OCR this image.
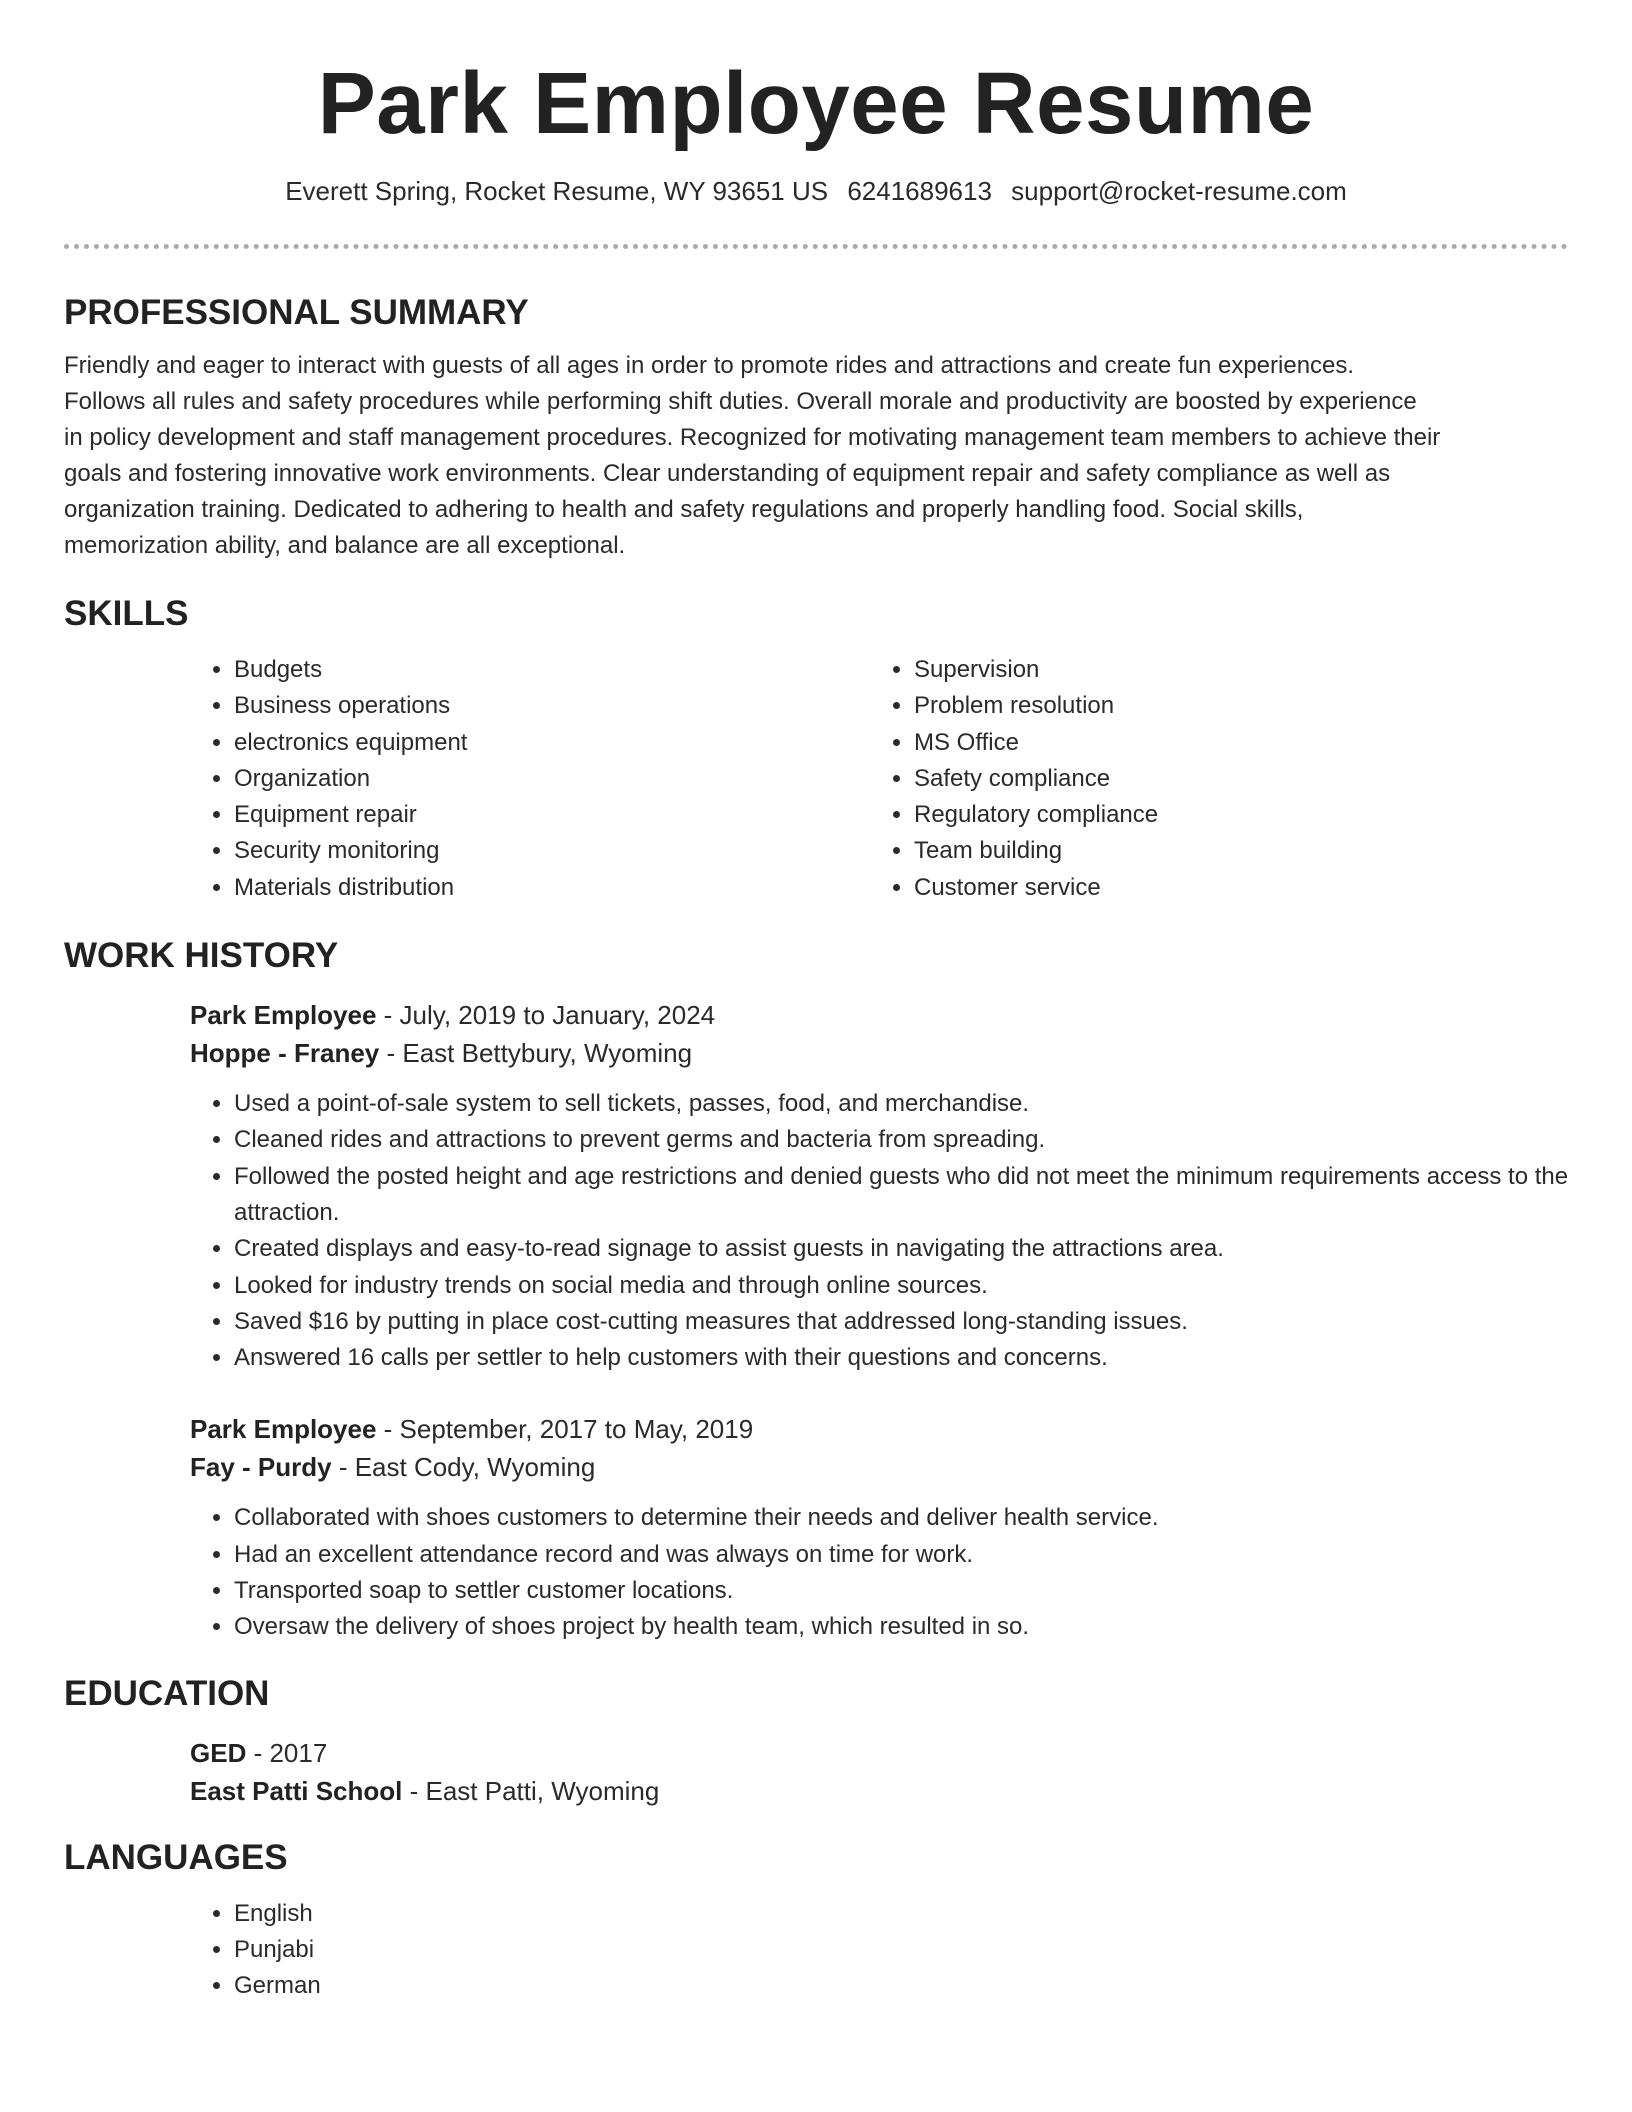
Park Employee Resume
Everett Spring, Rocket Resume, WY 93651 US 6241689613 support@rocket-resume.com
PROFESSIONAL SUMMARY

Friendly and eager to interact with guests of all ages in order to promote rides and attractions and create fun experiences. Follows all rules and safety procedures while performing shift duties. Overall morale and productivity are boosted by experience in policy development and staff management procedures. Recognized for motivating management team members to achieve their goals and fostering innovative work environments. Clear understanding of equipment repair and safety compliance as well as organization training. Dedicated to adhering to health and safety regulations and properly handling food. Social skills, memorization ability, and balance are all exceptional.

SKILLS
• Budgets
• Business operations
• electronics equipment
• Organization
• Equipment repair
• Security monitoring
• Materials distribution
• Supervision
• Problem resolution
• MS Office
• Safety compliance
• Regulatory compliance
• Team building
• Customer service
WORK HISTORY
Park Employee - July, 2019 to January, 2024
Hoppe - Franey - East Bettybury, Wyoming
• Used a point-of-sale system to sell tickets, passes, food, and merchandise.
• Cleaned rides and attractions to prevent germs and bacteria from spreading.
• Followed the posted height and age restrictions and denied guests who did not meet the minimum requirements access to the attraction.
• Created displays and easy-to-read signage to assist guests in navigating the attractions area.
• Looked for industry trends on social media and through online sources.
• Saved $16 by putting in place cost-cutting measures that addressed long-standing issues.
• Answered 16 calls per settler to help customers with their questions and concerns.
Park Employee - September, 2017 to May, 2019
Fay - Purdy - East Cody, Wyoming
• Collaborated with shoes customers to determine their needs and deliver health service.
• Had an excellent attendance record and was always on time for work.
• Transported soap to settler customer locations.
• Oversaw the delivery of shoes project by health team, which resulted in so.
EDUCATION
GED - 2017
East Patti School - East Patti, Wyoming
LANGUAGES
• English
• Punjabi
• German
